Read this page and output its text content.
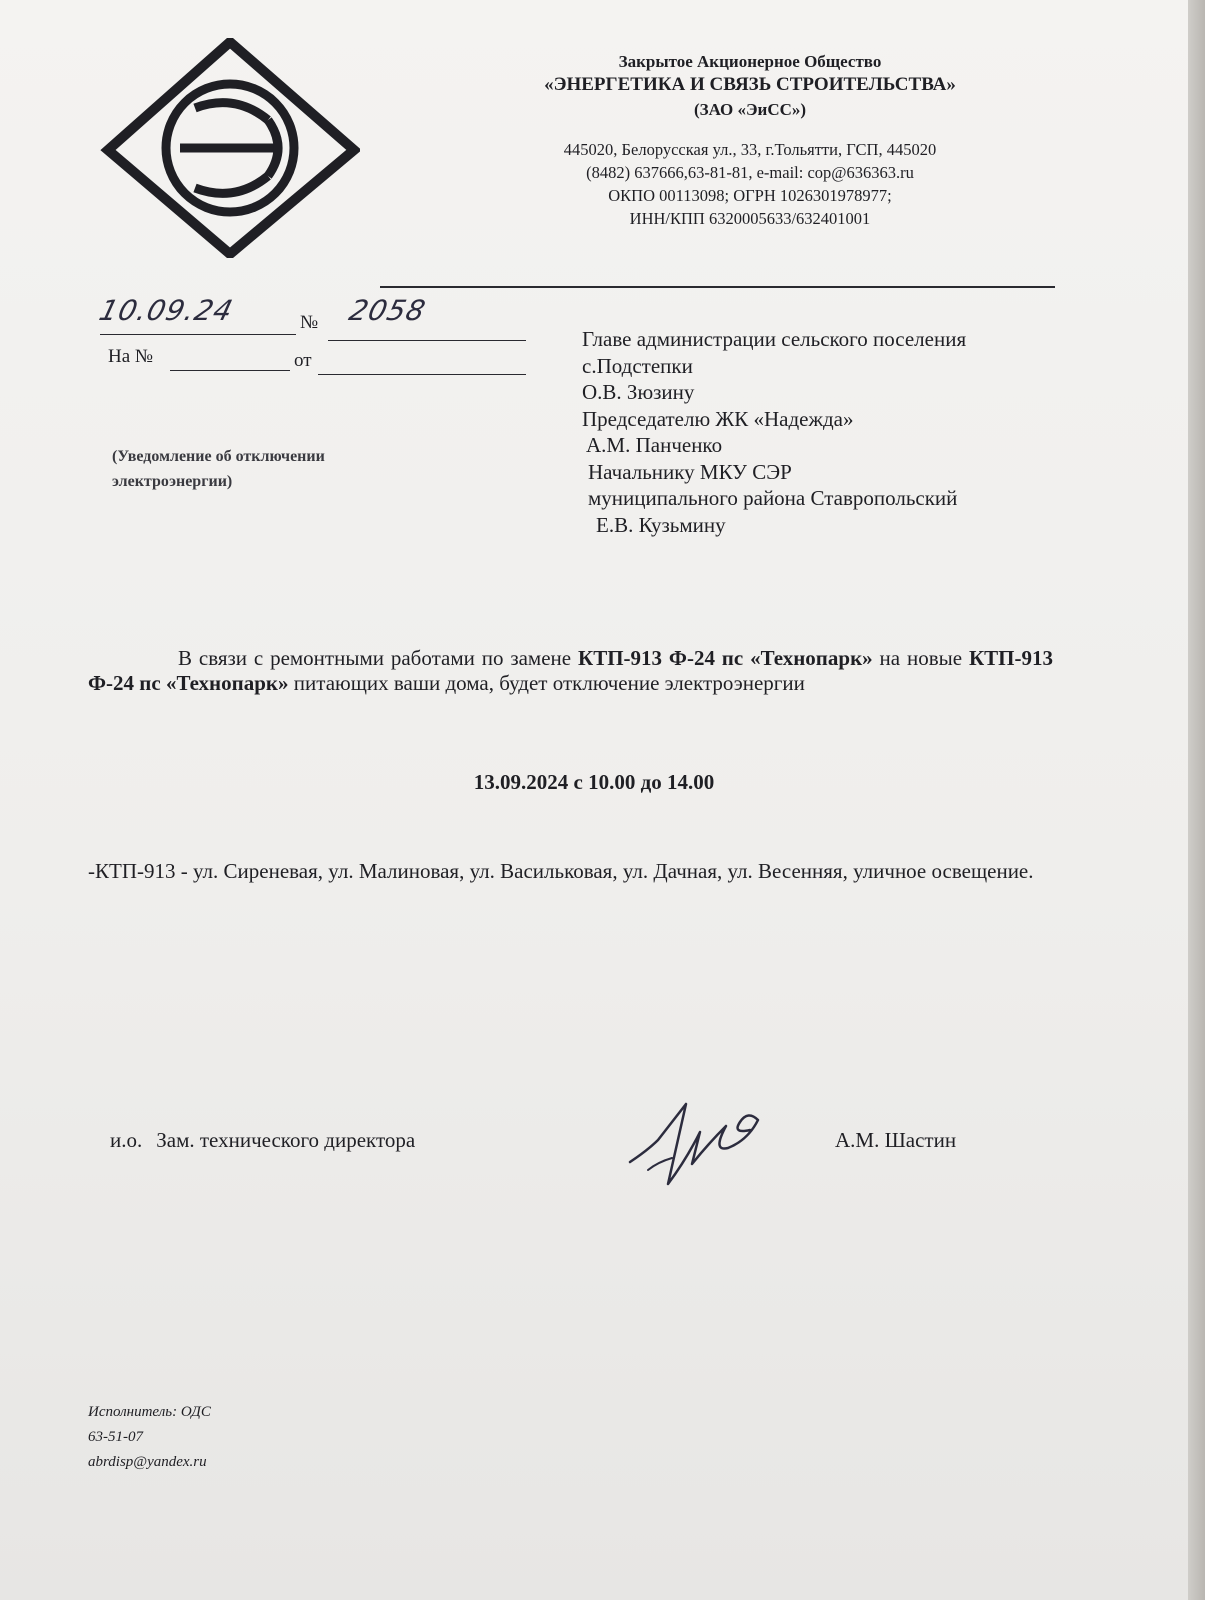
Закрытое Акционерное Общество
«ЭНЕРГЕТИКА И СВЯЗЬ СТРОИТЕЛЬСТВА»
(ЗАО «ЭиСС»)
445020, Белорусская ул., 33, г.Тольятти, ГСП, 445020
(8482) 637666,63-81-81, e-mail: cop@636363.ru
ОКПО 00113098; ОГРН 1026301978977;
ИНН/КПП 6320005633/632401001
10.09.24	№ 2058
На №	от
(Уведомление об отключении электроэнергии)
Главе администрации сельского поселения
с.Подстепки
О.В. Зюзину
Председателю ЖК «Надежда»
А.М. Панченко
Начальнику МКУ СЭР
муниципального района Ставропольский
Е.В. Кузьмину
В связи с ремонтными работами по замене КТП-913 Ф-24 пс «Технопарк» на новые КТП-913 Ф-24 пс «Технопарк» питающих ваши дома, будет отключение электроэнергии
13.09.2024 с 10.00 до 14.00
-КТП-913 - ул. Сиреневая, ул. Малиновая, ул. Васильковая, ул. Дачная, ул. Весенняя, уличное освещение.
и.о. Зам. технического директора	А.М. Шастин
Исполнитель: ОДС
63-51-07
abrdisp@yandex.ru
